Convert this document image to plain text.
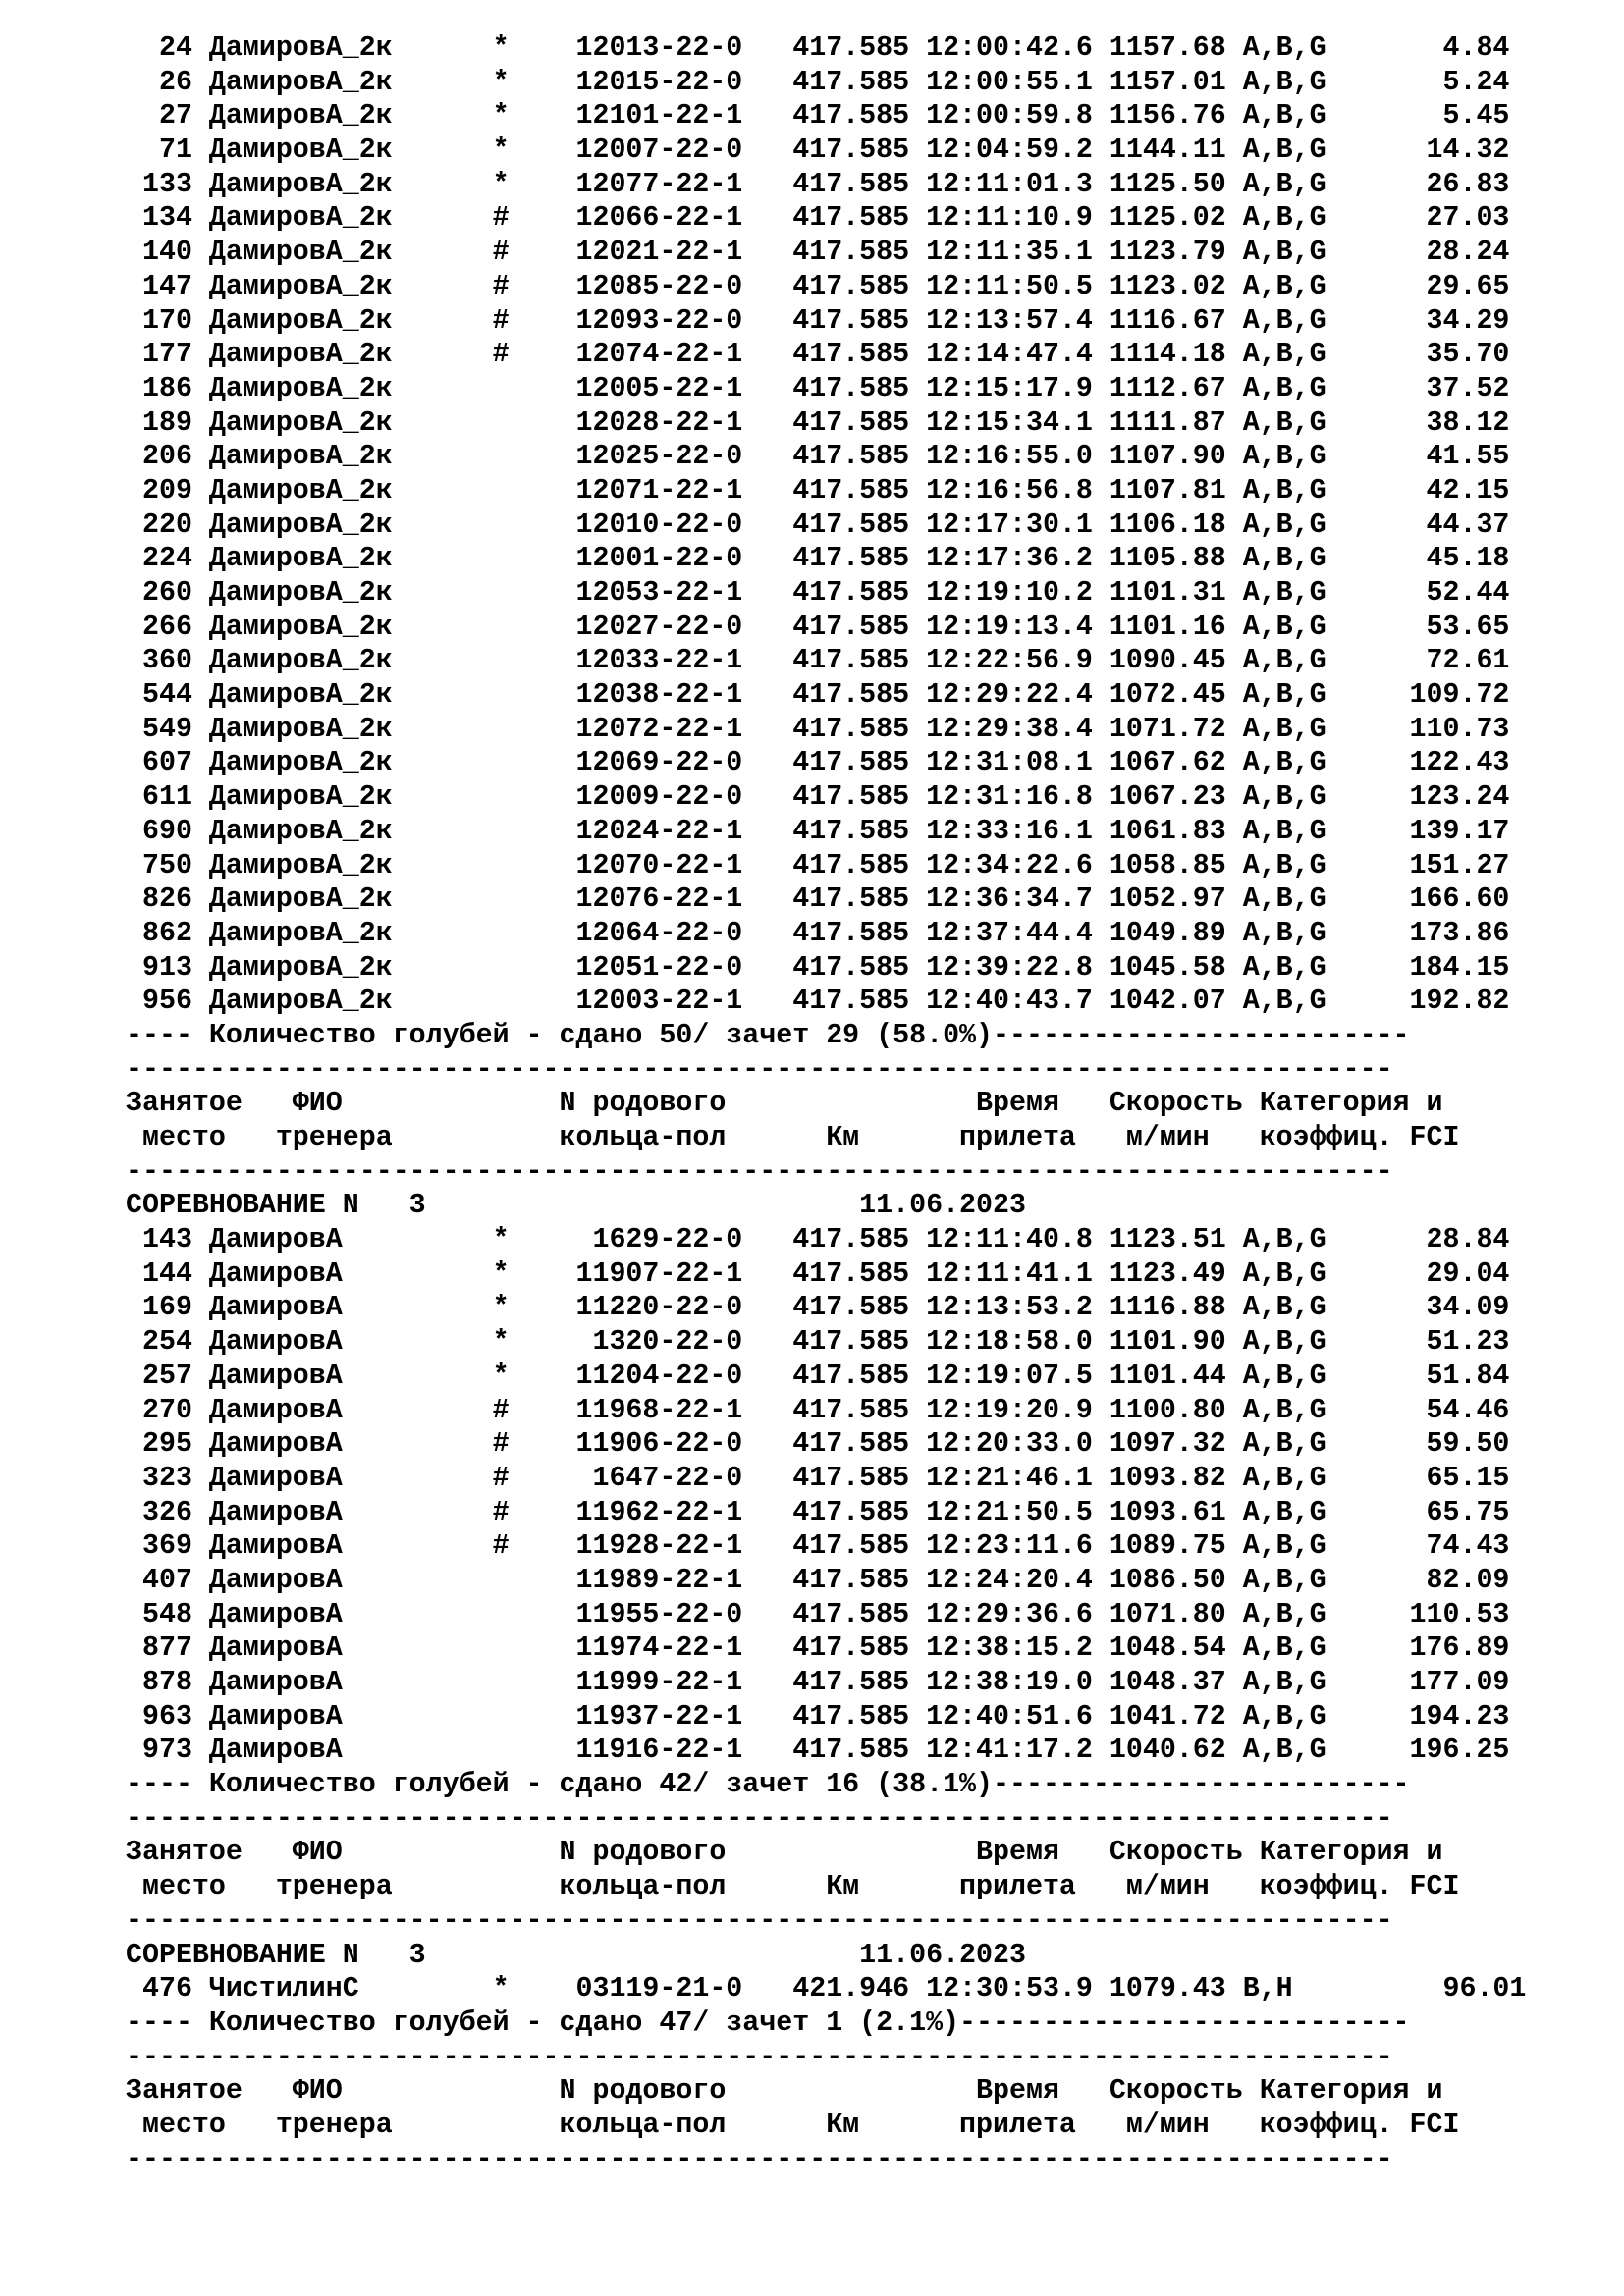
24 ДамировА_2к      *    12013-22-0   417.585 12:00:42.6 1157.68 A,B,G       4.84
26 ДамировА_2к      *    12015-22-0   417.585 12:00:55.1 1157.01 A,B,G       5.24
27 ДамировА_2к      *    12101-22-1   417.585 12:00:59.8 1156.76 A,B,G       5.45
71 ДамировА_2к      *    12007-22-0   417.585 12:04:59.2 1144.11 A,B,G      14.32
133 ДамировА_2к      *    12077-22-1   417.585 12:11:01.3 1125.50 A,B,G      26.83
134 ДамировА_2к      #    12066-22-1   417.585 12:11:10.9 1125.02 A,B,G      27.03
140 ДамировА_2к      #    12021-22-1   417.585 12:11:35.1 1123.79 A,B,G      28.24
147 ДамировА_2к      #    12085-22-0   417.585 12:11:50.5 1123.02 A,B,G      29.65
170 ДамировА_2к      #    12093-22-0   417.585 12:13:57.4 1116.67 A,B,G      34.29
177 ДамировА_2к      #    12074-22-1   417.585 12:14:47.4 1114.18 A,B,G      35.70
186 ДамировА_2к           12005-22-1   417.585 12:15:17.9 1112.67 A,B,G      37.52
189 ДамировА_2к           12028-22-1   417.585 12:15:34.1 1111.87 A,B,G      38.12
206 ДамировА_2к           12025-22-0   417.585 12:16:55.0 1107.90 A,B,G      41.55
209 ДамировА_2к           12071-22-1   417.585 12:16:56.8 1107.81 A,B,G      42.15
220 ДамировА_2к           12010-22-0   417.585 12:17:30.1 1106.18 A,B,G      44.37
224 ДамировА_2к           12001-22-0   417.585 12:17:36.2 1105.88 A,B,G      45.18
260 ДамировА_2к           12053-22-1   417.585 12:19:10.2 1101.31 A,B,G      52.44
266 ДамировА_2к           12027-22-0   417.585 12:19:13.4 1101.16 A,B,G      53.65
360 ДамировА_2к           12033-22-1   417.585 12:22:56.9 1090.45 A,B,G      72.61
544 ДамировА_2к           12038-22-1   417.585 12:29:22.4 1072.45 A,B,G     109.72
549 ДамировА_2к           12072-22-1   417.585 12:29:38.4 1071.72 A,B,G     110.73
607 ДамировА_2к           12069-22-0   417.585 12:31:08.1 1067.62 A,B,G     122.43
611 ДамировА_2к           12009-22-0   417.585 12:31:16.8 1067.23 A,B,G     123.24
690 ДамировА_2к           12024-22-1   417.585 12:33:16.1 1061.83 A,B,G     139.17
750 ДамировА_2к           12070-22-1   417.585 12:34:22.6 1058.85 A,B,G     151.27
826 ДамировА_2к           12076-22-1   417.585 12:36:34.7 1052.97 A,B,G     166.60
862 ДамировА_2к           12064-22-0   417.585 12:37:44.4 1049.89 A,B,G     173.86
913 ДамировА_2к           12051-22-0   417.585 12:39:22.8 1045.58 A,B,G     184.15
956 ДамировА_2к           12003-22-1   417.585 12:40:43.7 1042.07 A,B,G     192.82
---- Количество голубей - сдано 50/ зачет 29 (58.0%)-------------------------
----------------------------------------------------------------------------
Занятое   ФИО             N родового               Время   Скорость Категория и
место   тренера          кольца-пол      Км      прилета   м/мин   коэффиц. FCI
----------------------------------------------------------------------------
СОРЕВНОВАНИЕ N   3                          11.06.2023
143 ДамировА         *     1629-22-0   417.585 12:11:40.8 1123.51 A,B,G      28.84
144 ДамировА         *    11907-22-1   417.585 12:11:41.1 1123.49 A,B,G      29.04
169 ДамировА         *    11220-22-0   417.585 12:13:53.2 1116.88 A,B,G      34.09
254 ДамировА         *     1320-22-0   417.585 12:18:58.0 1101.90 A,B,G      51.23
257 ДамировА         *    11204-22-0   417.585 12:19:07.5 1101.44 A,B,G      51.84
270 ДамировА         #    11968-22-1   417.585 12:19:20.9 1100.80 A,B,G      54.46
295 ДамировА         #    11906-22-0   417.585 12:20:33.0 1097.32 A,B,G      59.50
323 ДамировА         #     1647-22-0   417.585 12:21:46.1 1093.82 A,B,G      65.15
326 ДамировА         #    11962-22-1   417.585 12:21:50.5 1093.61 A,B,G      65.75
369 ДамировА         #    11928-22-1   417.585 12:23:11.6 1089.75 A,B,G      74.43
407 ДамировА              11989-22-1   417.585 12:24:20.4 1086.50 A,B,G      82.09
548 ДамировА              11955-22-0   417.585 12:29:36.6 1071.80 A,B,G     110.53
877 ДамировА              11974-22-1   417.585 12:38:15.2 1048.54 A,B,G     176.89
878 ДамировА              11999-22-1   417.585 12:38:19.0 1048.37 A,B,G     177.09
963 ДамировА              11937-22-1   417.585 12:40:51.6 1041.72 A,B,G     194.23
973 ДамировА              11916-22-1   417.585 12:41:17.2 1040.62 A,B,G     196.25
---- Количество голубей - сдано 42/ зачет 16 (38.1%)-------------------------
----------------------------------------------------------------------------
Занятое   ФИО             N родового               Время   Скорость Категория и
место   тренера          кольца-пол      Км      прилета   м/мин   коэффиц. FCI
----------------------------------------------------------------------------
СОРЕВНОВАНИЕ N   3                          11.06.2023
476 ЧистилинС        *    03119-21-0   421.946 12:30:53.9 1079.43 B,H         96.01
---- Количество голубей - сдано 47/ зачет 1 (2.1%)---------------------------
----------------------------------------------------------------------------
Занятое   ФИО             N родового               Время   Скорость Категория и
место   тренера          кольца-пол      Км      прилета   м/мин   коэффиц. FCI
----------------------------------------------------------------------------
